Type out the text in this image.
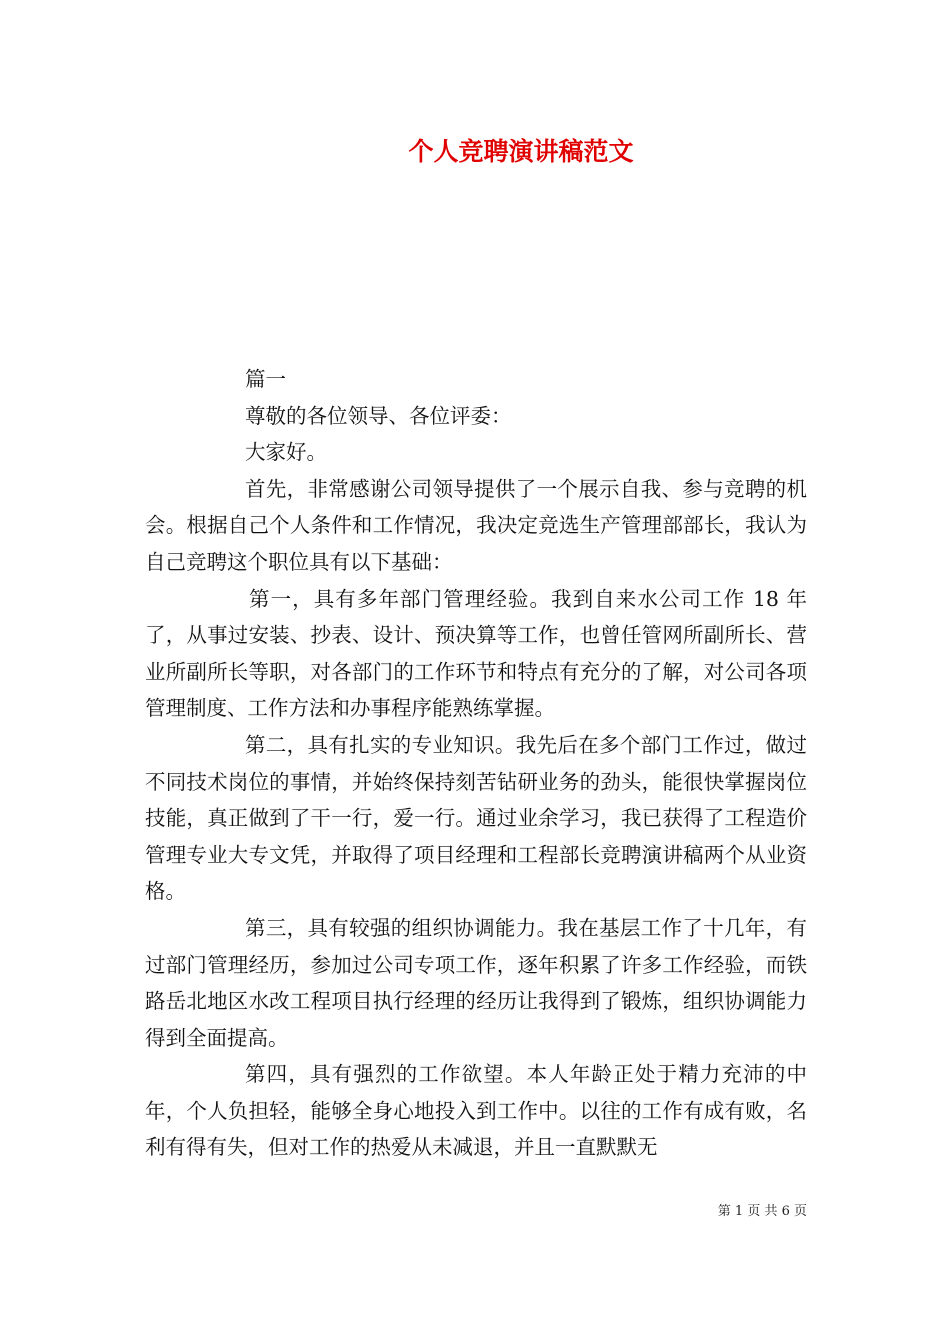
个人竞聘演讲稿范文

篇一

尊敬的各位领导、各位评委：

大家好。

首先，非常感谢公司领导提供了一个展示自我、参与竞聘的机会。根据自己个人条件和工作情况，我决定竞选生产管理部部长，我认为自己竞聘这个职位具有以下基础：

第一，具有多年部门管理经验。我到自来水公司工作 18 年了，从事过安装、抄表、设计、预决算等工作，也曾任管网所副所长、营业所副所长等职，对各部门的工作环节和特点有充分的了解，对公司各项管理制度、工作方法和办事程序能熟练掌握。

第二，具有扎实的专业知识。我先后在多个部门工作过，做过不同技术岗位的事情，并始终保持刻苦钻研业务的劲头，能很快掌握岗位技能，真正做到了干一行，爱一行。通过业余学习，我已获得了工程造价管理专业大专文凭，并取得了项目经理和工程部长竞聘演讲稿两个从业资格。

第三，具有较强的组织协调能力。我在基层工作了十几年，有过部门管理经历，参加过公司专项工作，逐年积累了许多工作经验，而铁路岳北地区水改工程项目执行经理的经历让我得到了锻炼，组织协调能力得到全面提高。

第四，具有强烈的工作欲望。本人年龄正处于精力充沛的中年，个人负担轻，能够全身心地投入到工作中。以往的工作有成有败，名利有得有失，但对工作的热爱从未减退，并且一直默默无

第 1 页 共 6 页
